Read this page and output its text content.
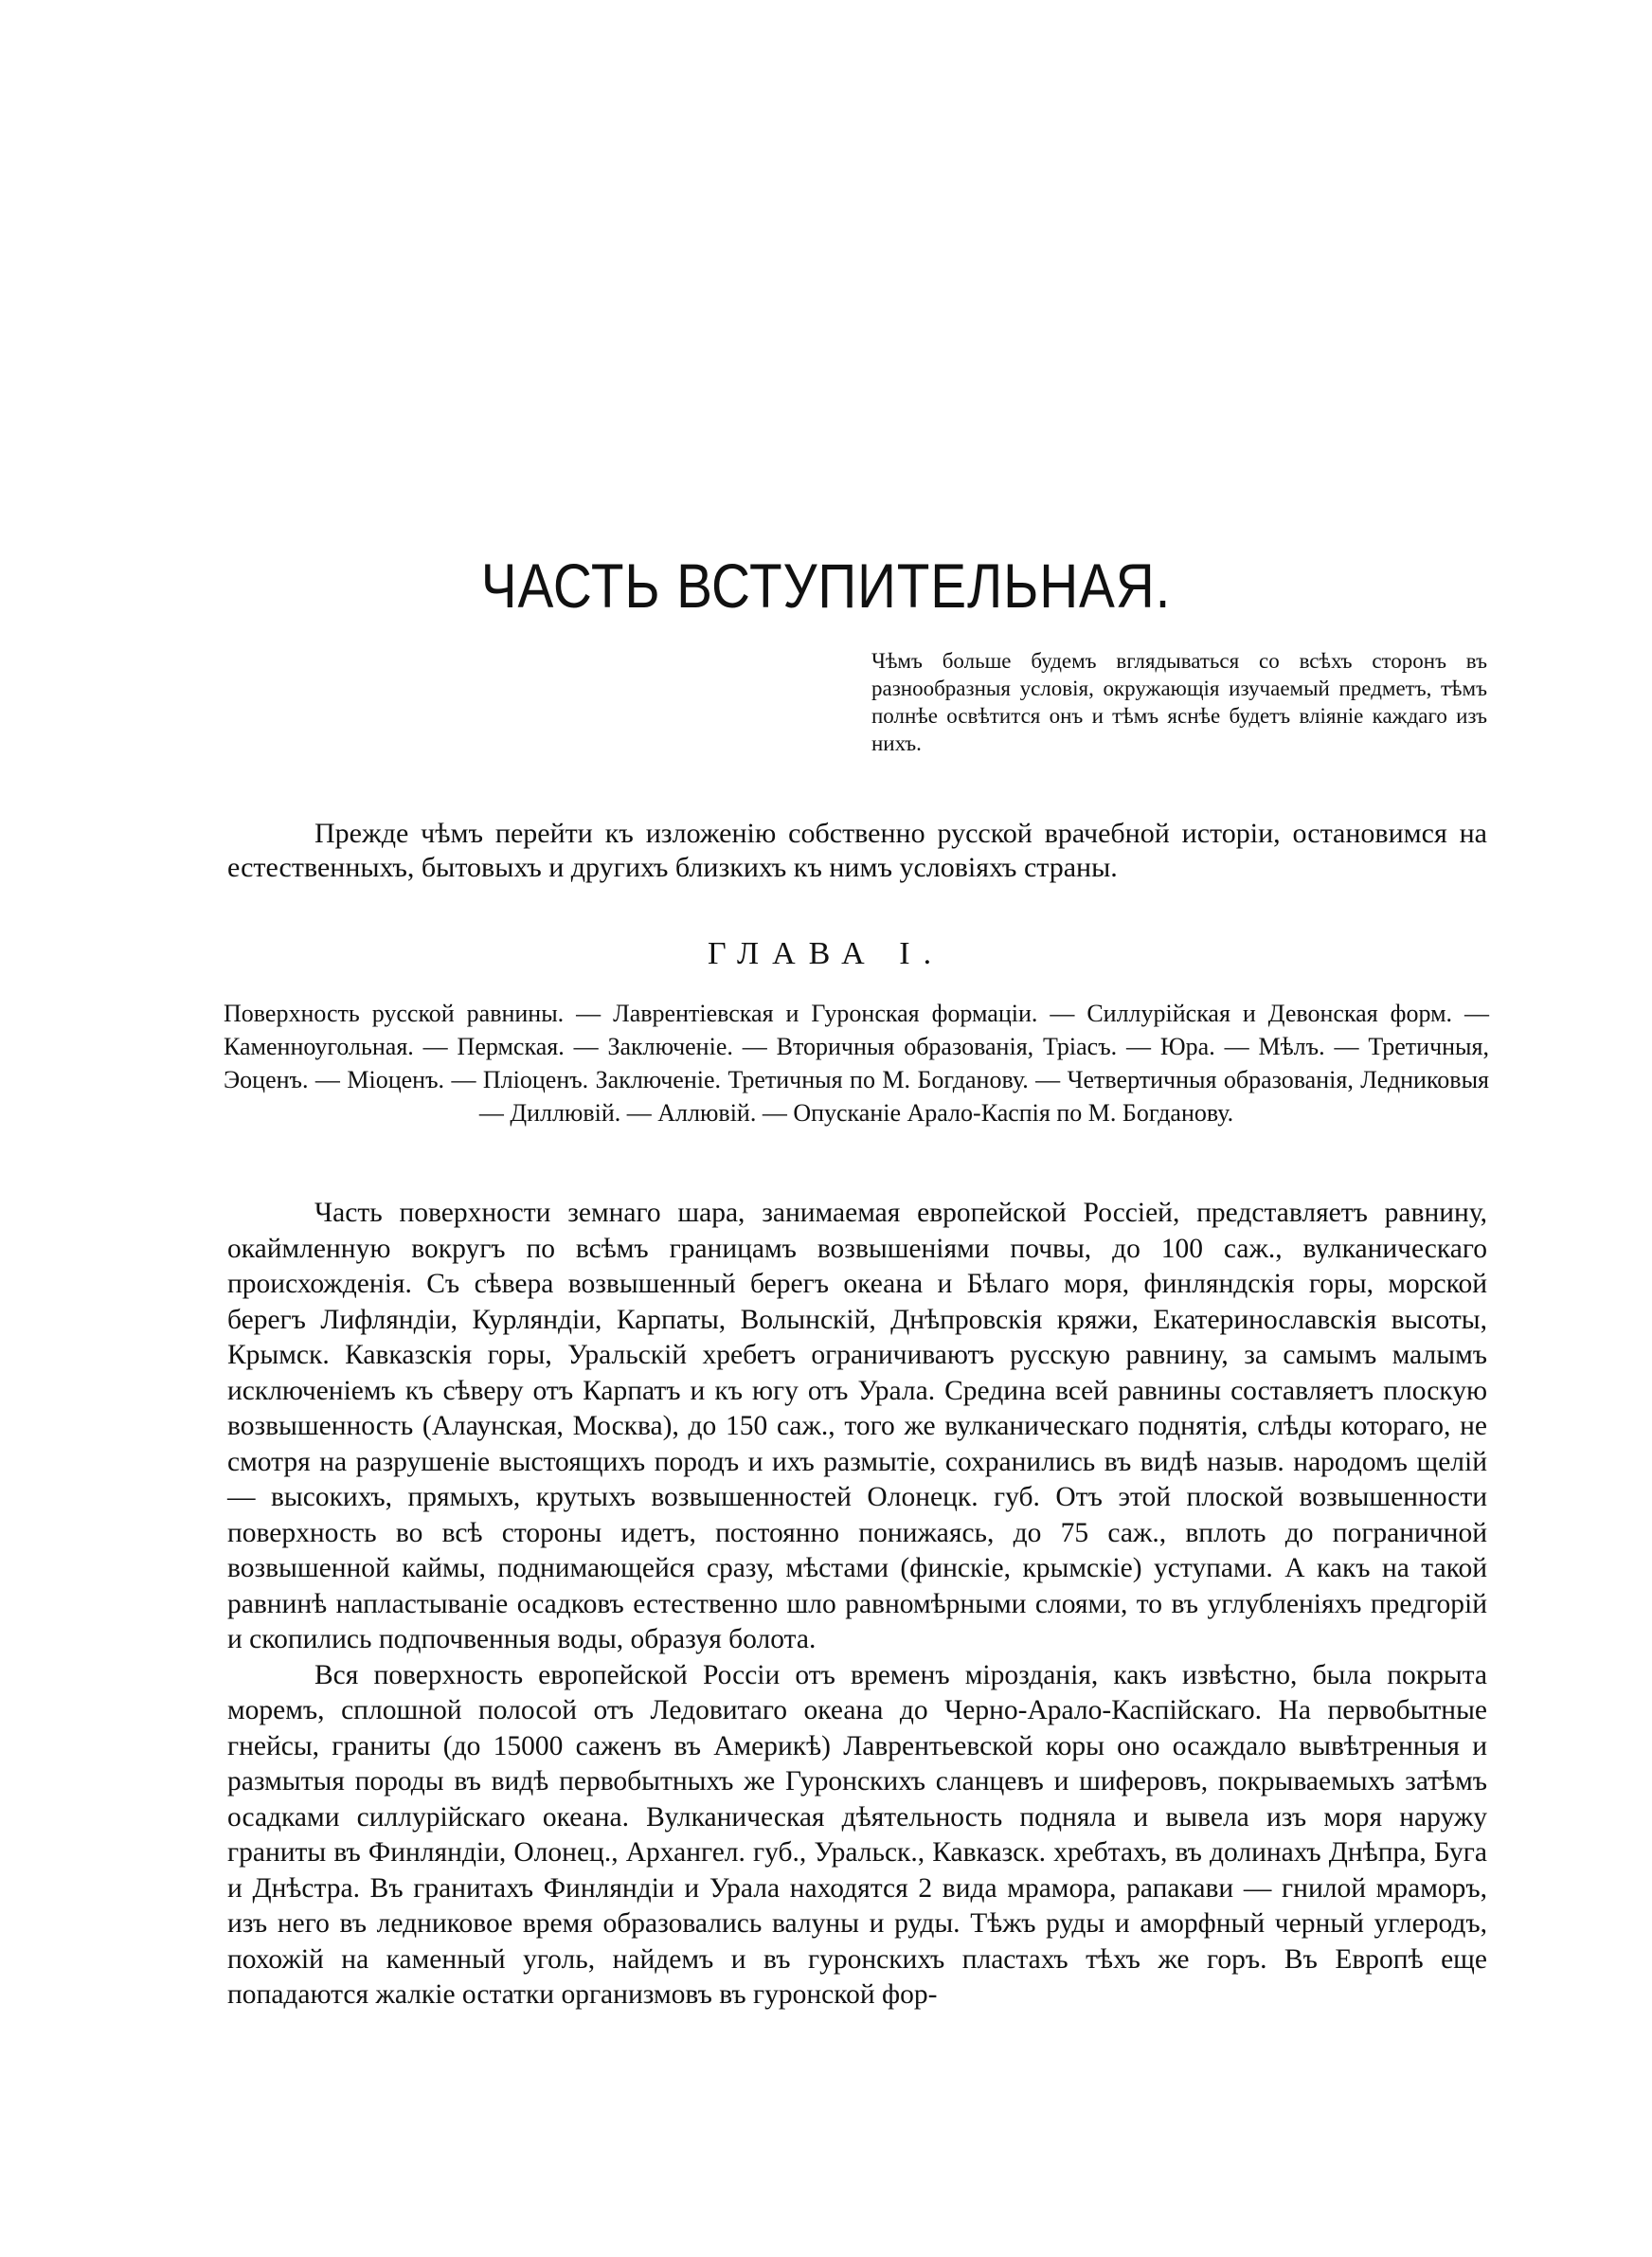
ЧАСТЬ ВСТУПИТЕЛЬНАЯ.

Чѣмъ больше будемъ вглядываться со всѣхъ сторонъ въ разнообразныя условія, окружающія изучаемый предметъ, тѣмъ полнѣе освѣтится онъ и тѣмъ яснѣе будетъ вліяніе каждаго изъ нихъ.

Прежде чѣмъ перейти къ изложенію собственно русской врачебной исторіи, остановимся на естественныхъ, бытовыхъ и другихъ близкихъ къ нимъ условіяхъ страны.

ГЛАВА I.

Поверхность русской равнины. — Лаврентіевская и Гуронская формаціи. — Силлурійская и Девонская форм. — Каменноугольная. — Пермская. — Заключеніе. — Вторичныя образованія, Тріасъ. — Юра. — Мѣлъ. — Третичныя, Эоценъ. — Міоценъ. — Пліоценъ. Заключеніе. Третичныя по М. Богданову. — Четвертичныя образованія, Ледниковыя — Диллювій. — Аллювій. — Опусканіе Арало-Каспія по М. Богданову.

Часть поверхности земнаго шара, занимаемая европейской Россіей, представляетъ равнину, окаймленную вокругъ по всѣмъ границамъ возвышеніями почвы, до 100 саж., вулканическаго происхожденія. Съ сѣвера возвышенный берегъ океана и Бѣлаго моря, финляндскія горы, морской берегъ Лифляндіи, Курляндіи, Карпаты, Волынскій, Днѣпровскія кряжи, Екатеринославскія высоты, Крымск. Кавказскія горы, Уральскій хребетъ ограничиваютъ русскую равнину, за самымъ малымъ исключеніемъ къ сѣверу отъ Карпатъ и къ югу отъ Урала. Средина всей равнины составляетъ плоскую возвышенность (Алаунская, Москва), до 150 саж., того же вулканическаго поднятія, слѣды котораго, не смотря на разрушеніе выстоящихъ породъ и ихъ размытіе, сохранились въ видѣ назыв. народомъ щелій — высокихъ, прямыхъ, крутыхъ возвышенностей Олонецк. губ. Отъ этой плоской возвышенности поверхность во всѣ стороны идетъ, постоянно понижаясь, до 75 саж., вплоть до пограничной возвышенной каймы, поднимающейся сразу, мѣстами (финскіе, крымскіе) уступами. А какъ на такой равнинѣ напластываніе осадковъ естественно шло равномѣрными слоями, то въ углубленіяхъ предгорій и скопились подпочвенныя воды, образуя болота.

Вся поверхность европейской Россіи отъ временъ мірозданія, какъ извѣстно, была покрыта моремъ, сплошной полосой отъ Ледовитаго океана до Черно-Арало-Каспійскаго. На первобытные гнейсы, граниты (до 15000 саженъ въ Америкѣ) Лаврентьевской коры оно осаждало вывѣтренныя и размытыя породы въ видѣ первобытныхъ же Гуронскихъ сланцевъ и шиферовъ, покрываемыхъ затѣмъ осадками силлурійскаго океана. Вулканическая дѣятельность подняла и вывела изъ моря наружу граниты въ Финляндіи, Олонец., Архангел. губ., Уральск., Кавказск. хребтахъ, въ долинахъ Днѣпра, Буга и Днѣстра. Въ гранитахъ Финляндіи и Урала находятся 2 вида мрамора, рапакави — гнилой мраморъ, изъ него въ ледниковое время образовались валуны и руды. Тѣжъ руды и аморфный черный углеродъ, похожій на каменный уголь, найдемъ и въ гуронскихъ пластахъ тѣхъ же горъ. Въ Европѣ еще попадаются жалкіе остатки организмовъ въ гуронской фор-
